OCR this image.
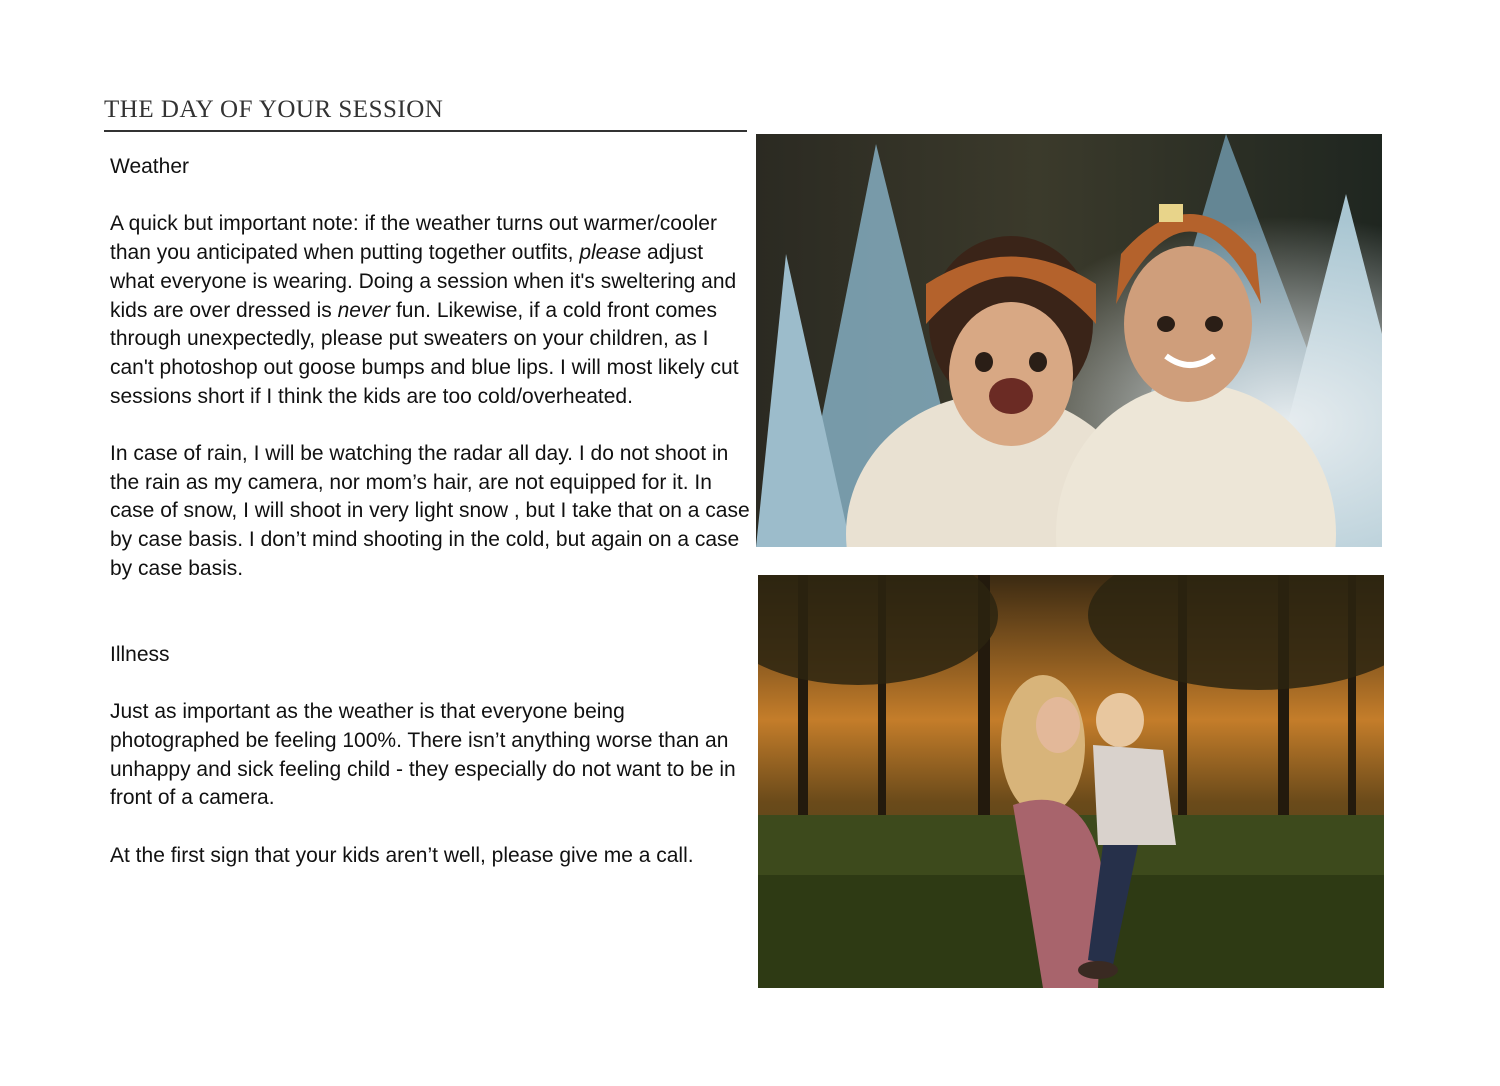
THE DAY OF YOUR SESSION

Weather

A quick but important note: if the weather turns out warmer/cooler than you anticipated when putting together outfits, please adjust what everyone is wearing. Doing a session when it's sweltering and kids are over dressed is never fun. Likewise, if a cold front comes through unexpectedly, please put sweaters on your children, as I can't photoshop out goose bumps and blue lips. I will most likely cut sessions short if I think the kids are too cold/overheated.

In case of rain, I will be watching the radar all day. I do not shoot in the rain as my camera, nor mom’s hair, are not equipped for it. In case of snow, I will shoot in very light snow , but I take that on a case by case basis. I don’t mind shooting in the cold, but again on a case by case basis.

Illness

Just as important as the weather is that everyone being photographed be feeling 100%. There isn’t anything worse than an unhappy and sick feeling child - they especially do not want to be in front of a camera.

At the first sign that your kids aren’t well, please give me a call.
